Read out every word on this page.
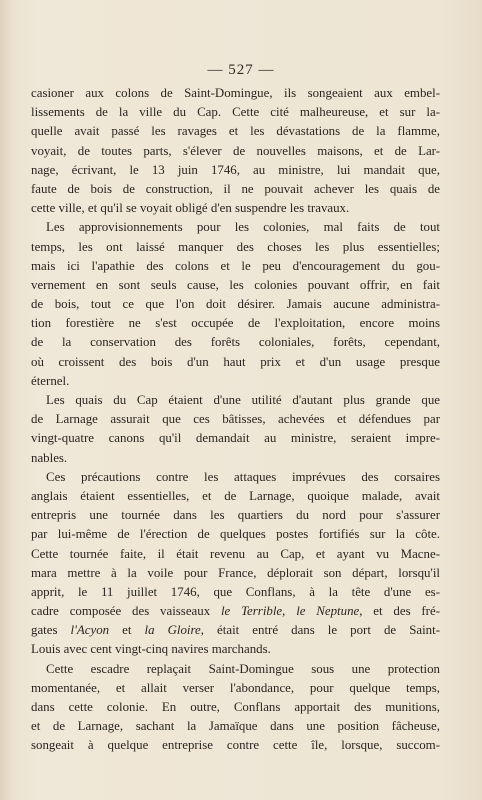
— 527 —
casioner aux colons de Saint-Domingue, ils songeaient aux embel-
lissements de la ville du Cap. Cette cité malheureuse, et sur la-
quelle avait passé les ravages et les dévastations de la flamme,
voyait, de toutes parts, s'élever de nouvelles maisons, et de Lar-
nage, écrivant, le 13 juin 1746, au ministre, lui mandait que,
faute de bois de construction, il ne pouvait achever les quais de
cette ville, et qu'il se voyait obligé d'en suspendre les travaux.
Les approvisionnements pour les colonies, mal faits de tout
temps, les ont laissé manquer des choses les plus essentielles;
mais ici l'apathie des colons et le peu d'encouragement du gou-
vernement en sont seuls cause, les colonies pouvant offrir, en fait
de bois, tout ce que l'on doit désirer. Jamais aucune administra-
tion forestière ne s'est occupée de l'exploitation, encore moins
de la conservation des forêts coloniales, forêts, cependant,
où croissent des bois d'un haut prix et d'un usage presque
éternel.
Les quais du Cap étaient d'une utilité d'autant plus grande que
de Larnage assurait que ces bâtisses, achevées et défendues par
vingt-quatre canons qu'il demandait au ministre, seraient impre-
nables.
Ces précautions contre les attaques imprévues des corsaires
anglais étaient essentielles, et de Larnage, quoique malade, avait
entrepris une tournée dans les quartiers du nord pour s'assurer
par lui-même de l'érection de quelques postes fortifiés sur la côte.
Cette tournée faite, il était revenu au Cap, et ayant vu Macne-
mara mettre à la voile pour France, déplorait son départ, lorsqu'il
apprit, le 11 juillet 1746, que Conflans, à la tête d'une es-
cadre composée des vaisseaux le Terrible, le Neptune, et des fré-
gates l'Acyon et la Gloire, était entré dans le port de Saint-
Louis avec cent vingt-cinq navires marchands.
Cette escadre replaçait Saint-Domingue sous une protection
momentanée, et allait verser l'abondance, pour quelque temps,
dans cette colonie. En outre, Conflans apportait des munitions,
et de Larnage, sachant la Jamaïque dans une position fâcheuse,
songeait à quelque entreprise contre cette île, lorsque, succom-
